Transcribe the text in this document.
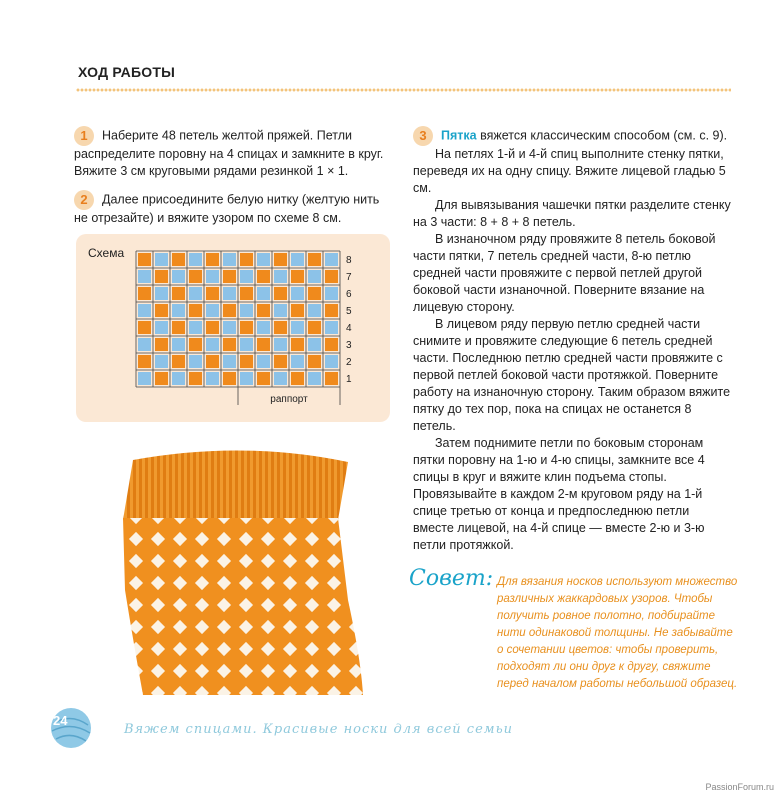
ХОД РАБОТЫ

1 Наберите 48 петель желтой пряжей. Петли распределите поровну на 4 спицах и замкните в круг. Вяжите 3 см круговыми рядами резинкой 1 × 1.

2 Далее присоедините белую нитку (желтую нить не отрезайте) и вяжите узором по схеме 8 см.

Схема
8
7
6
5
4
3
2
1
раппорт

3 Пятка вяжется классическим способом (см. с. 9).

На петлях 1-й и 4-й спиц выполните стенку пятки, переведя их на одну спицу. Вяжите лицевой гладью 5 см.

Для вывязывания чашечки пятки разделите стенку на 3 части: 8 + 8 + 8 петель.

В изнаночном ряду провяжите 8 петель боковой части пятки, 7 петель средней части, 8-ю петлю средней части провяжите с первой петлей другой боковой части изнаночной. Поверните вязание на лицевую сторону.

В лицевом ряду первую петлю средней части снимите и провяжите следующие 6 петель средней части. Последнюю петлю средней части провяжите с первой петлей боковой части протяжкой. Поверните работу на изнаночную сторону. Таким образом вяжите пятку до тех пор, пока на спицах не останется 8 петель.

Затем поднимите петли по боковым сторонам пятки поровну на 1-ю и 4-ю спицы, замкните все 4 спицы в круг и вяжите клин подъема стопы. Провязывайте в каждом 2-м круговом ряду на 1-й спице третью от конца и предпоследнюю петли вместе лицевой, на 4-й спице — вместе 2-ю и 3-ю петли протяжкой.

Совет: Для вязания носков используют множество различных жаккардовых узоров. Чтобы получить ровное полотно, подбирайте нити одинаковой толщины. Не забывайте о сочетании цветов: чтобы проверить, подходят ли они друг к другу, свяжите перед началом работы небольшой образец.
24
Вяжем спицами. Красивые носки для всей семьи
PassionForum.ru
